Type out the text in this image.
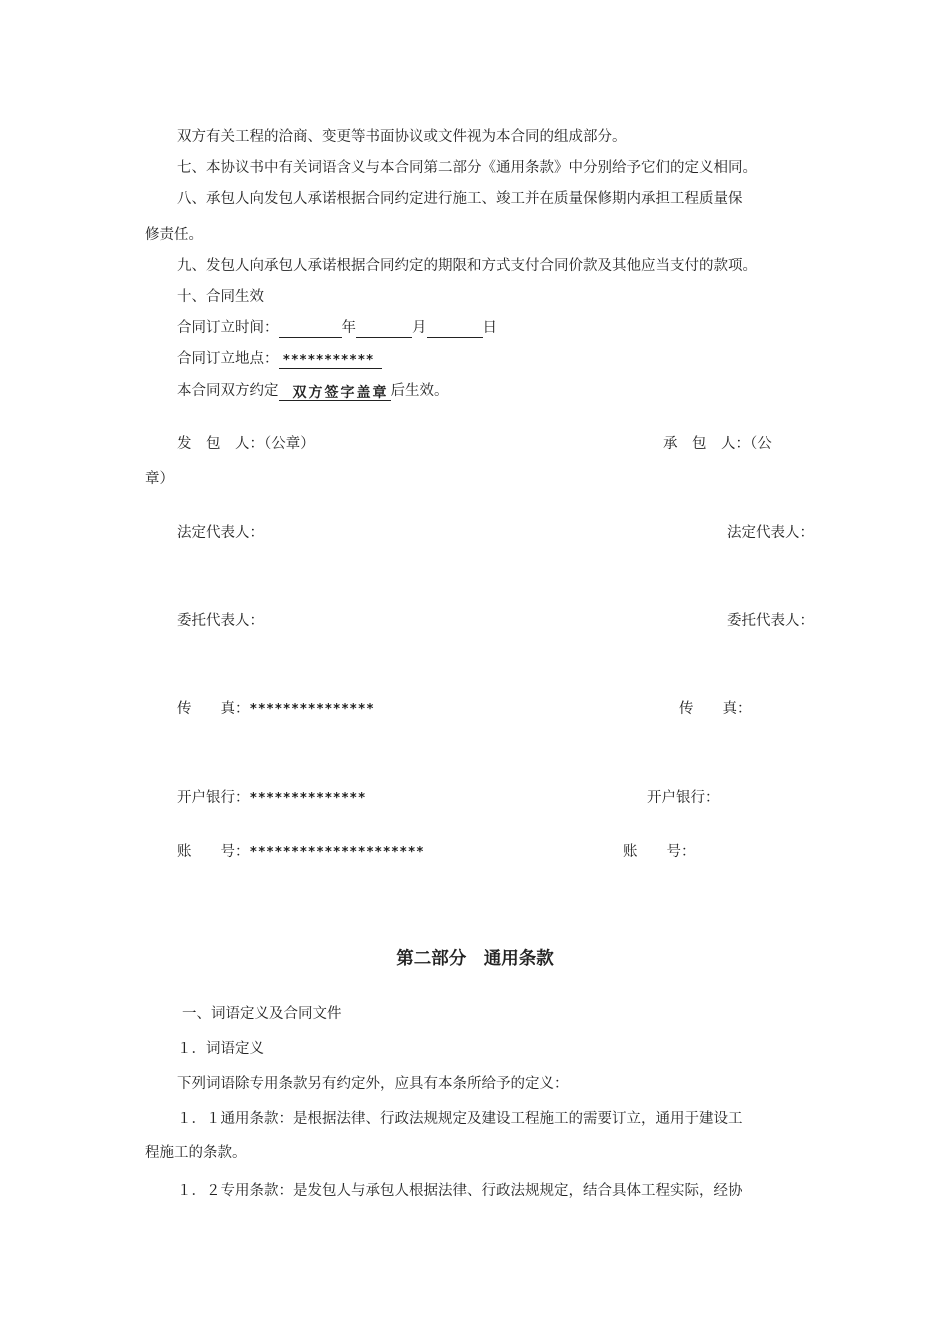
双方有关工程的洽商、变更等书面协议或文件视为本合同的组成部分。
七、本协议书中有关词语含义与本合同第二部分《通用条款》中分别给予它们的定义相同。
八、承包人向发包人承诺根据合同约定进行施工、竣工并在质量保修期内承担工程质量保
修责任。
九、发包人向承包人承诺根据合同约定的期限和方式支付合同价款及其他应当支付的款项。
十、合同生效
合同订立时间：	年	月	日
合同订立地点： ***********
本合同双方约定 双方签字盖章 后生效。
发　包　人：（公章）	承　包　人：（公
章）
法定代表人：	法定代表人：
委托代表人：	委托代表人：
传　　真：***************	传　　真：
开户银行：**************	开户银行：
账　　号：*********************	账　　号：
第二部分　通用条款
一、词语定义及合同文件
１．词语定义
下列词语除专用条款另有约定外，应具有本条所给予的定义：
１．１通用条款：是根据法律、行政法规规定及建设工程施工的需要订立，通用于建设工
程施工的条款。
１．２专用条款：是发包人与承包人根据法律、行政法规规定，结合具体工程实际，经协
